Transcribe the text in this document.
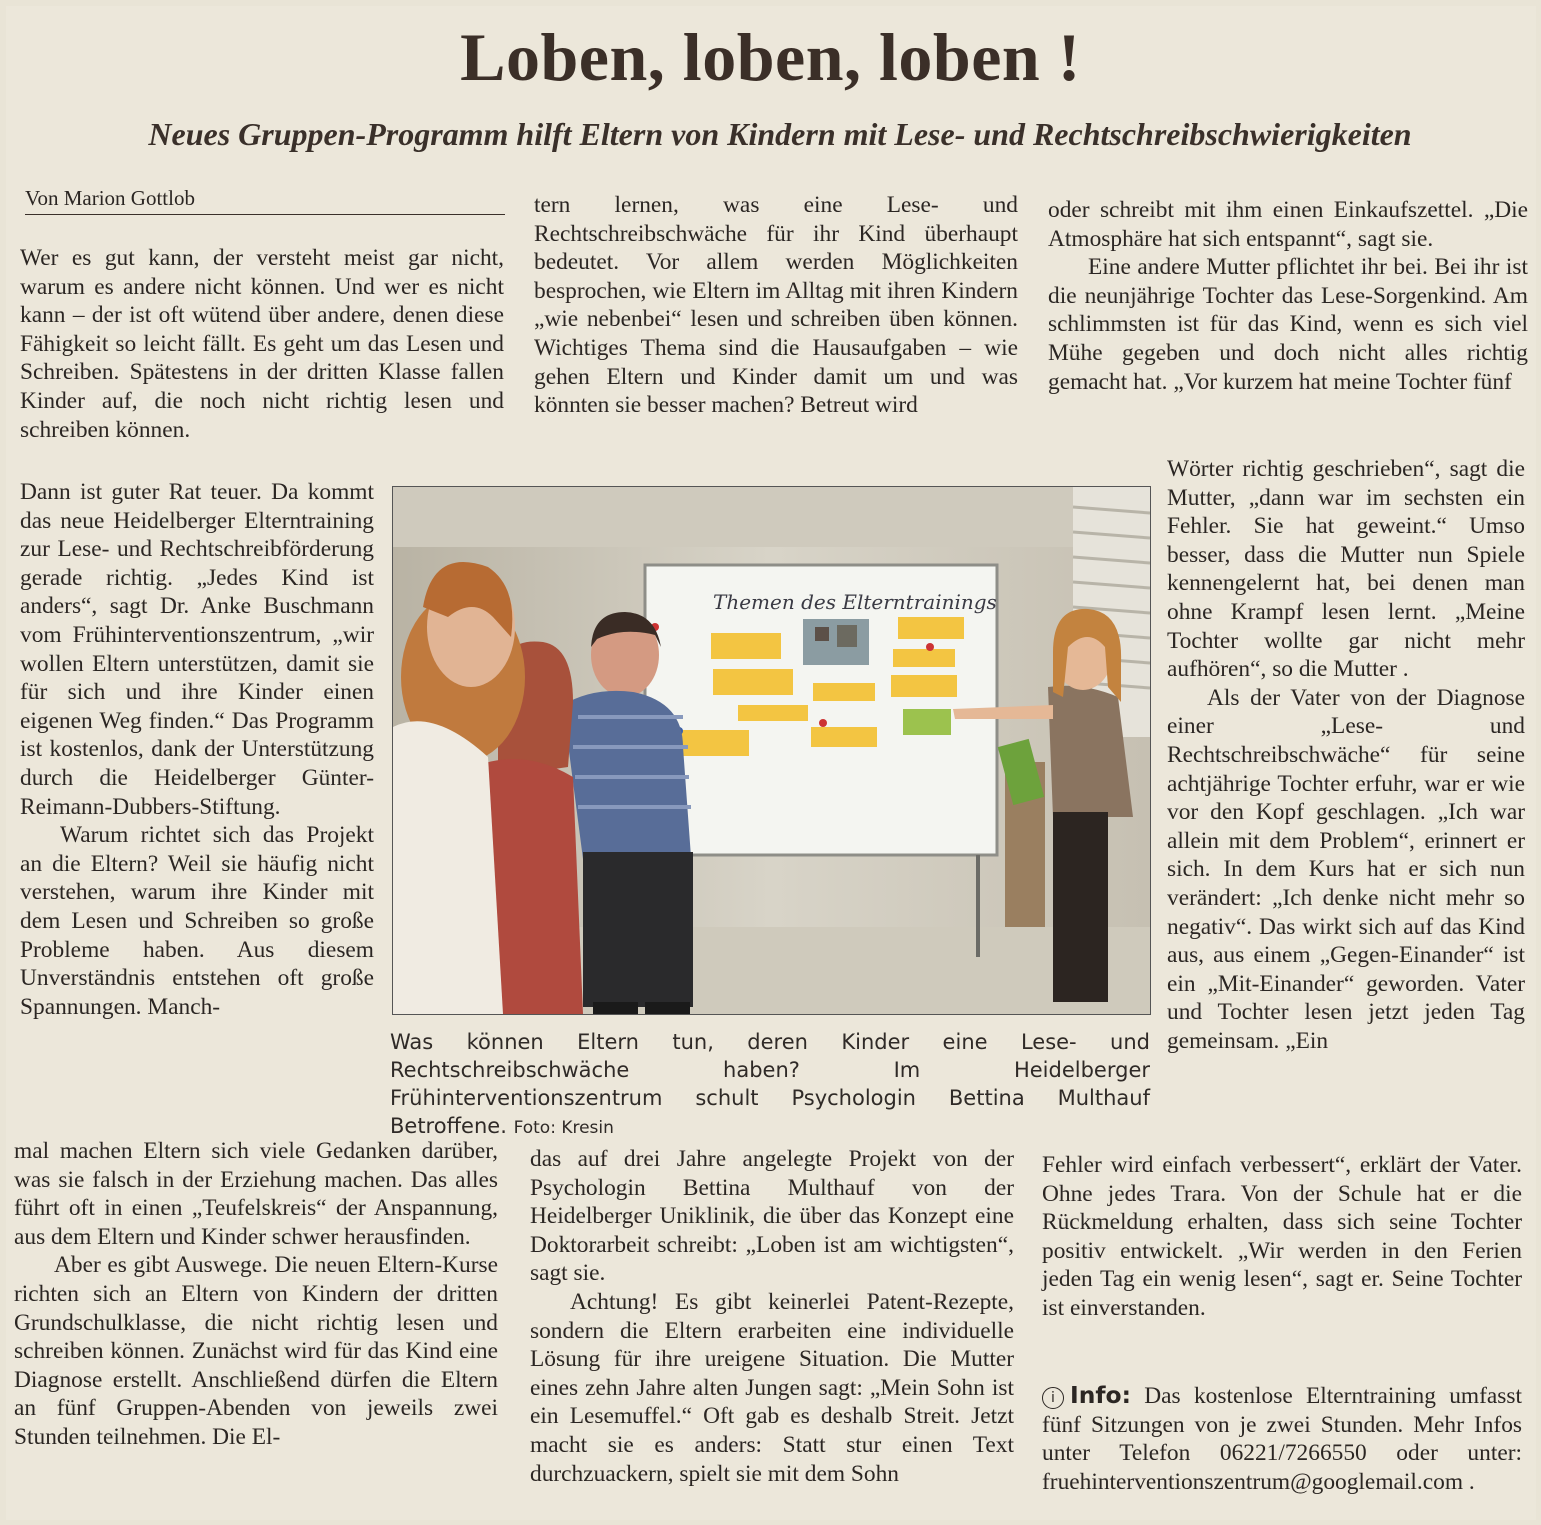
Loben, loben, loben !
Neues Gruppen-Programm hilft Eltern von Kindern mit Lese- und Rechtschreibschwierigkeiten
Von Marion Gottlob

Wer es gut kann, der versteht meist gar nicht, warum es andere nicht können. Und wer es nicht kann – der ist oft wütend über andere, denen diese Fähigkeit so leicht fällt. Es geht um das Lesen und Schreiben. Spätestens in der dritten Klasse fallen Kinder auf, die noch nicht richtig lesen und schreiben können.

Dann ist guter Rat teuer. Da kommt das neue Heidelberger Elterntraining zur Lese- und Rechtschreibförderung gerade richtig. „Jedes Kind ist anders“, sagt Dr. Anke Buschmann vom Frühinterventionszentrum, „wir wollen Eltern unterstützen, damit sie für sich und ihre Kinder einen eigenen Weg finden.“ Das Programm ist kostenlos, dank der Unterstützung durch die Heidelberger Günter-Reimann-Dubbers-Stiftung.

Warum richtet sich das Projekt an die Eltern? Weil sie häufig nicht verstehen, warum ihre Kinder mit dem Lesen und Schreiben so große Probleme haben. Aus diesem Unverständnis entstehen oft große Spannungen. Manch-

mal machen Eltern sich viele Gedanken darüber, was sie falsch in der Erziehung machen. Das alles führt oft in einen „Teufelskreis“ der Anspannung, aus dem Eltern und Kinder schwer herausfinden.

Aber es gibt Auswege. Die neuen Eltern-Kurse richten sich an Eltern von Kindern der dritten Grundschulklasse, die nicht richtig lesen und schreiben können. Zunächst wird für das Kind eine Diagnose erstellt. Anschließend dürfen die Eltern an fünf Gruppen-Abenden von jeweils zwei Stunden teilnehmen. Die El-

tern lernen, was eine Lese- und Rechtschreibschwäche für ihr Kind überhaupt bedeutet. Vor allem werden Möglichkeiten besprochen, wie Eltern im Alltag mit ihren Kindern „wie nebenbei“ lesen und schreiben üben können. Wichtiges Thema sind die Hausaufgaben – wie gehen Eltern und Kinder damit um und was könnten sie besser machen? Betreut wird

das auf drei Jahre angelegte Projekt von der Psychologin Bettina Multhauf von der Heidelberger Uniklinik, die über das Konzept eine Doktorarbeit schreibt: „Loben ist am wichtigsten“, sagt sie.

Achtung! Es gibt keinerlei Patent-Rezepte, sondern die Eltern erarbeiten eine individuelle Lösung für ihre ureigene Situation. Die Mutter eines zehn Jahre alten Jungen sagt: „Mein Sohn ist ein Lesemuffel.“ Oft gab es deshalb Streit. Jetzt macht sie es anders: Statt stur einen Text durchzuackern, spielt sie mit dem Sohn

oder schreibt mit ihm einen Einkaufszettel. „Die Atmosphäre hat sich entspannt“, sagt sie.

Eine andere Mutter pflichtet ihr bei. Bei ihr ist die neunjährige Tochter das Lese-Sorgenkind. Am schlimmsten ist für das Kind, wenn es sich viel Mühe gegeben und doch nicht alles richtig gemacht hat. „Vor kurzem hat meine Tochter fünf

Wörter richtig geschrieben“, sagt die Mutter, „dann war im sechsten ein Fehler. Sie hat geweint.“ Umso besser, dass die Mutter nun Spiele kennengelernt hat, bei denen man ohne Krampf lesen lernt. „Meine Tochter wollte gar nicht mehr aufhören“, so die Mutter .

Als der Vater von der Diagnose einer „Lese- und Rechtschreibschwäche“ für seine achtjährige Tochter erfuhr, war er wie vor den Kopf geschlagen. „Ich war allein mit dem Problem“, erinnert er sich. In dem Kurs hat er sich nun verändert: „Ich denke nicht mehr so negativ“. Das wirkt sich auf das Kind aus, aus einem „Gegen-Einander“ ist ein „Mit-Einander“ geworden. Vater und Tochter lesen jetzt jeden Tag gemeinsam. „Ein

Fehler wird einfach verbessert“, erklärt der Vater. Ohne jedes Trara. Von der Schule hat er die Rückmeldung erhalten, dass sich seine Tochter positiv entwickelt. „Wir werden in den Ferien jeden Tag ein wenig lesen“, sagt er. Seine Tochter ist einverstanden.

i Info: Das kostenlose Elterntraining umfasst fünf Sitzungen von je zwei Stunden. Mehr Infos unter Telefon 06221/7266550 oder unter: fruehinterventionszentrum@googlemail.com .
Themen des Elterntrainings
Was können Eltern tun, deren Kinder eine Lese- und Rechtschreibschwäche haben? Im Heidelberger Frühinterventionszentrum schult Psychologin Bettina Multhauf Betroffene. Foto: Kresin
